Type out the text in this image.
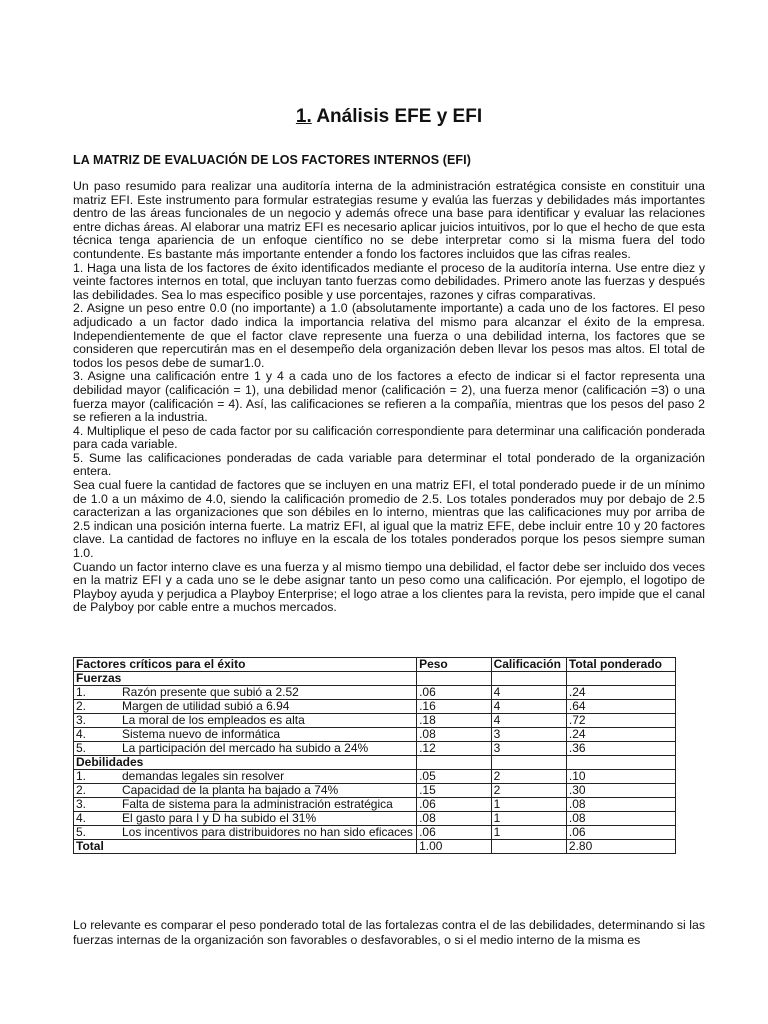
1. Análisis EFE y EFI
LA MATRIZ DE EVALUACIÓN DE LOS FACTORES INTERNOS (EFI)

Un paso resumido para realizar una auditoría interna de la administración estratégica consiste en constituir una matriz EFI. Este instrumento para formular estrategias resume y evalúa las fuerzas y debilidades más importantes dentro de las áreas funcionales de un negocio y además ofrece una base para identificar y evaluar las relaciones entre dichas áreas. Al elaborar una matriz EFI es necesario aplicar juicios intuitivos, por lo que el hecho de que esta técnica tenga apariencia de un enfoque científico no se debe interpretar como si la misma fuera del todo contundente. Es bastante más importante entender a fondo los factores incluidos que las cifras reales.

1. Haga una lista de los factores de éxito identificados mediante el proceso de la auditoría interna. Use entre diez y veinte factores internos en total, que incluyan tanto fuerzas como debilidades. Primero anote las fuerzas y después las debilidades. Sea lo mas especifico posible y use porcentajes, razones y cifras comparativas.

2. Asigne un peso entre 0.0 (no importante) a 1.0 (absolutamente importante) a cada uno de los factores. El peso adjudicado a un factor dado indica la importancia relativa del mismo para alcanzar el éxito de la empresa. Independientemente de que el factor clave represente una fuerza o una debilidad interna, los factores que se consideren que repercutirán mas en el desempeño dela organización deben llevar los pesos mas altos. El total de todos los pesos debe de sumar1.0.

3. Asigne una calificación entre 1 y 4 a cada uno de los factores a efecto de indicar si el factor representa una debilidad mayor (calificación = 1), una debilidad menor (calificación = 2), una fuerza menor (calificación =3) o una fuerza mayor (calificación = 4). Así, las calificaciones se refieren a la compañía, mientras que los pesos del paso 2 se refieren a la industria.

4. Multiplique el peso de cada factor por su calificación correspondiente para determinar una calificación ponderada para cada variable.

5. Sume las calificaciones ponderadas de cada variable para determinar el total ponderado de la organización entera.

Sea cual fuere la cantidad de factores que se incluyen en una matriz EFI, el total ponderado puede ir de un mínimo de 1.0 a un máximo de 4.0, siendo la calificación promedio de 2.5. Los totales ponderados muy por debajo de 2.5 caracterizan a las organizaciones que son débiles en lo interno, mientras que las calificaciones muy por arriba de 2.5 indican una posición interna fuerte. La matriz EFI, al igual que la matriz EFE, debe incluir entre 10 y 20 factores clave. La cantidad de factores no influye en la escala de los totales ponderados porque los pesos siempre suman 1.0.

Cuando un factor interno clave es una fuerza y al mismo tiempo una debilidad, el factor debe ser incluido dos veces en la matriz EFI y a cada uno se le debe asignar tanto un peso como una calificación. Por ejemplo, el logotipo de Playboy ayuda y perjudica a Playboy Enterprise; el logo atrae a los clientes para la revista, pero impide que el canal de Palyboy por cable entre a muchos mercados.

Factores críticos para el éxito	Peso	Calificación	Total ponderado
Fuerzas			
1. Razón presente que subió a 2.52	.06	4	.24
2. Margen de utilidad subió a 6.94	.16	4	.64
3. La moral de los empleados es alta	.18	4	.72
4. Sistema nuevo de informática	.08	3	.24
5. La participación del mercado ha subido a 24%	.12	3	.36
Debilidades			
1. demandas legales sin resolver	.05	2	.10
2. Capacidad de la planta ha bajado a 74%	.15	2	.30
3. Falta de sistema para la administración estratégica	.06	1	.08
4. El gasto para I y D ha subido el 31%	.08	1	.08
5. Los incentivos para distribuidores no han sido eficaces	.06	1	.06
Total	1.00		2.80
Lo relevante es comparar el peso ponderado total de las fortalezas contra el de las debilidades, determinando si las fuerzas internas de la organización son favorables o desfavorables, o si el medio interno de la misma es
